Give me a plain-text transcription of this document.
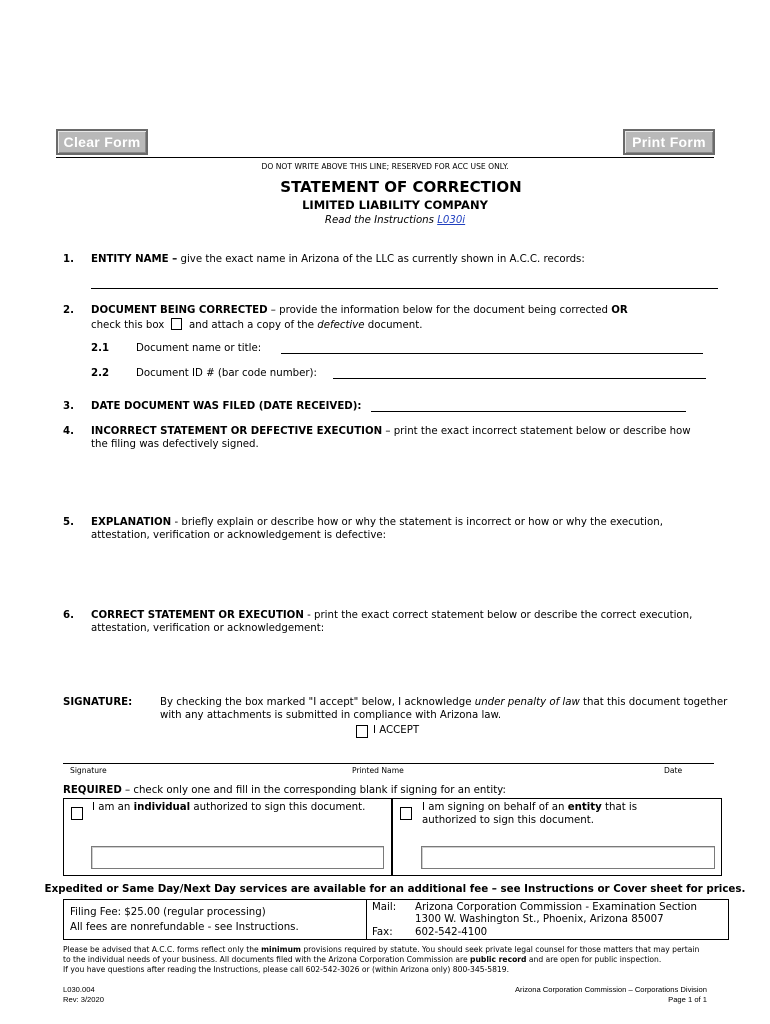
Clear Form	Print Form
DO NOT WRITE ABOVE THIS LINE; RESERVED FOR ACC USE ONLY.
STATEMENT OF CORRECTION
LIMITED LIABILITY COMPANY
Read the Instructions L030i
1. ENTITY NAME – give the exact name in Arizona of the LLC as currently shown in A.C.C. records:
2. DOCUMENT BEING CORRECTED – provide the information below for the document being corrected OR
check this box and attach a copy of the defective document.
2.1	Document name or title:
2.2	Document ID # (bar code number):
3. DATE DOCUMENT WAS FILED (DATE RECEIVED):
4. INCORRECT STATEMENT OR DEFECTIVE EXECUTION – print the exact incorrect statement below or describe how
the filing was defectively signed.
5. EXPLANATION - briefly explain or describe how or why the statement is incorrect or how or why the execution,
attestation, verification or acknowledgement is defective:
6. CORRECT STATEMENT OR EXECUTION - print the exact correct statement below or describe the correct execution,
attestation, verification or acknowledgement:
SIGNATURE:	By checking the box marked "I accept" below, I acknowledge under penalty of law that this document together
with any attachments is submitted in compliance with Arizona law.
I ACCEPT
Signature	Printed Name	Date
REQUIRED – check only one and fill in the corresponding blank if signing for an entity:
I am an individual authorized to sign this document.	I am signing on behalf of an entity that is
authorized to sign this document.
Expedited or Same Day/Next Day services are available for an additional fee – see Instructions or Cover sheet for prices.
Filing Fee: $25.00 (regular processing)
All fees are nonrefundable - see Instructions.
Mail: Arizona Corporation Commission - Examination Section
1300 W. Washington St., Phoenix, Arizona 85007
Fax: 602-542-4100
Please be advised that A.C.C. forms reflect only the minimum provisions required by statute. You should seek private legal counsel for those matters that may pertain
to the individual needs of your business. All documents filed with the Arizona Corporation Commission are public record and are open for public inspection.
If you have questions after reading the Instructions, please call 602-542-3026 or (within Arizona only) 800-345-5819.
L030.004
Rev: 3/2020
Arizona Corporation Commission – Corporations Division
Page 1 of 1
